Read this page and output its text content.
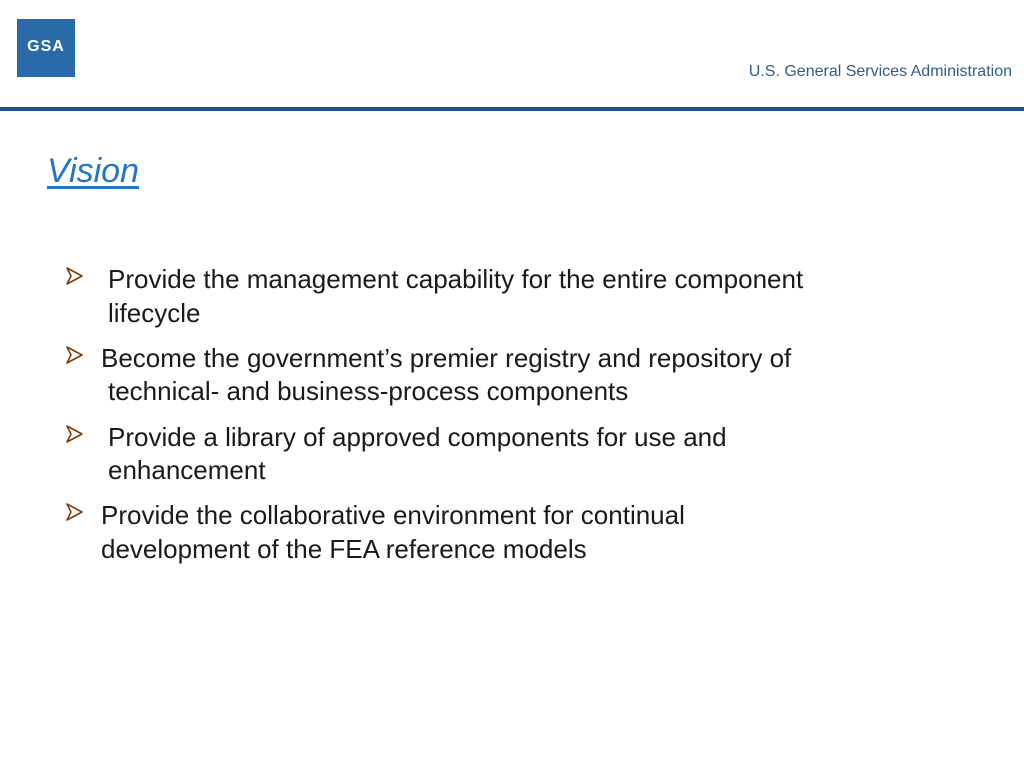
GSA
U.S. General Services Administration
Vision
Provide the management capability for the entire component
lifecycle
Become the government’s premier registry and repository of
technical- and business-process components
Provide a library of approved components for use and
enhancement
Provide the collaborative environment for continual
development of the FEA reference models
